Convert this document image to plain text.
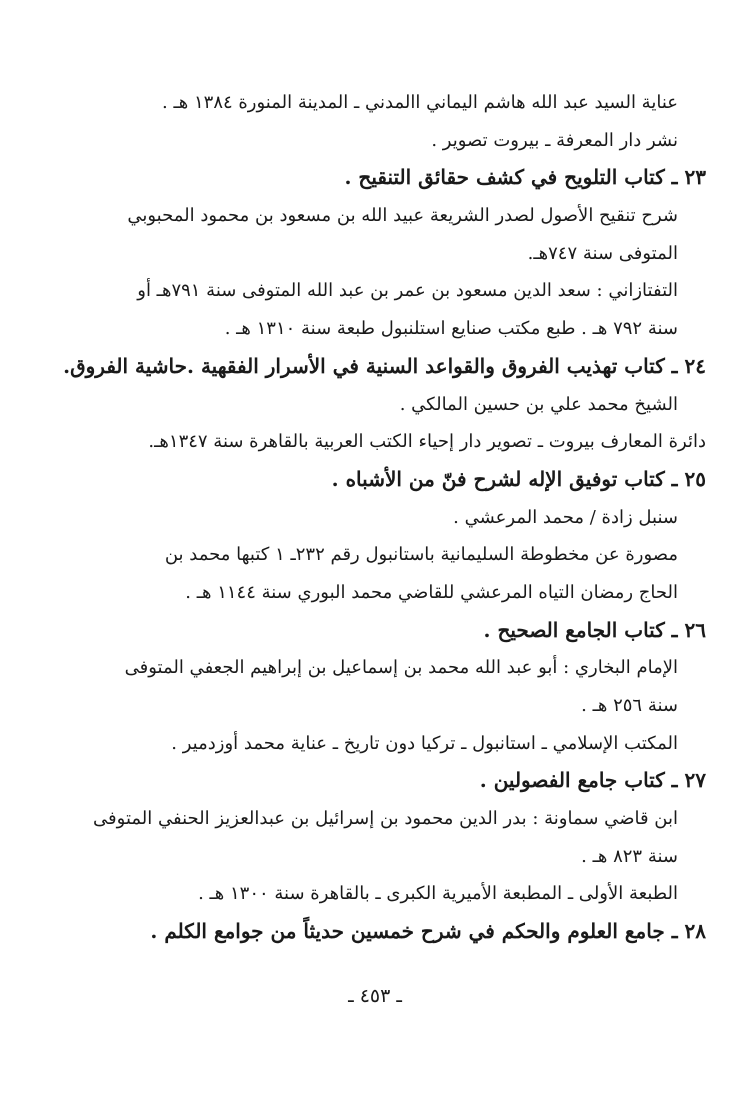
عناية السيد عبد الله هاشم اليماني االمدني ـ المدينة المنورة ١٣٨٤ هـ .
نشر دار المعرفة ـ بيروت تصوير .
٢٣ ـ كتاب التلويح في كشف حقائق التنقيح .
شرح تنقيح الأصول لصدر الشريعة عبيد الله بن مسعود بن محمود المحبوبي
المتوفى سنة ٧٤٧هـ.
التفتازاني : سعد الدين مسعود بن عمر بن عبد الله المتوفى سنة ٧٩١هـ أو
سنة ٧٩٢ هـ . طبع مكتب صنايع استلنبول طبعة سنة ١٣١٠ هـ .
٢٤ ـ كتاب تهذيب الفروق والقواعد السنية في الأسرار الفقهية .حاشية الفروق.
الشيخ محمد علي بن حسين المالكي .
دائرة المعارف بيروت ـ تصوير دار إحياء الكتب العربية بالقاهرة سنة ١٣٤٧هـ.
٢٥ ـ كتاب توفيق الإله لشرح فنّ من الأشباه .
سنبل زادة / محمد المرعشي .
مصورة عن مخطوطة السليمانية باستانبول رقم ٢٣٢ـ ١ كتبها محمد بن
الحاج رمضان التياه المرعشي للقاضي محمد البوري سنة ١١٤٤ هـ .
٢٦ ـ كتاب الجامع الصحيح .
الإمام البخاري : أبو عبد الله محمد بن إسماعيل بن إبراهيم الجعفي المتوفى
سنة ٢٥٦ هـ .
المكتب الإسلامي ـ استانبول ـ تركيا دون تاريخ ـ عناية محمد أوزدمير .
٢٧ ـ كتاب جامع الفصولين .
ابن قاضي سماونة : بدر الدين محمود بن إسرائيل بن عبدالعزيز الحنفي المتوفى
سنة ٨٢٣ هـ .
الطبعة الأولى ـ المطبعة الأميرية الكبرى ـ بالقاهرة سنة ١٣٠٠ هـ .
٢٨ ـ جامع العلوم والحكم في شرح خمسين حديثاً من جوامع الكلم .
ـ ٤٥٣ ـ
